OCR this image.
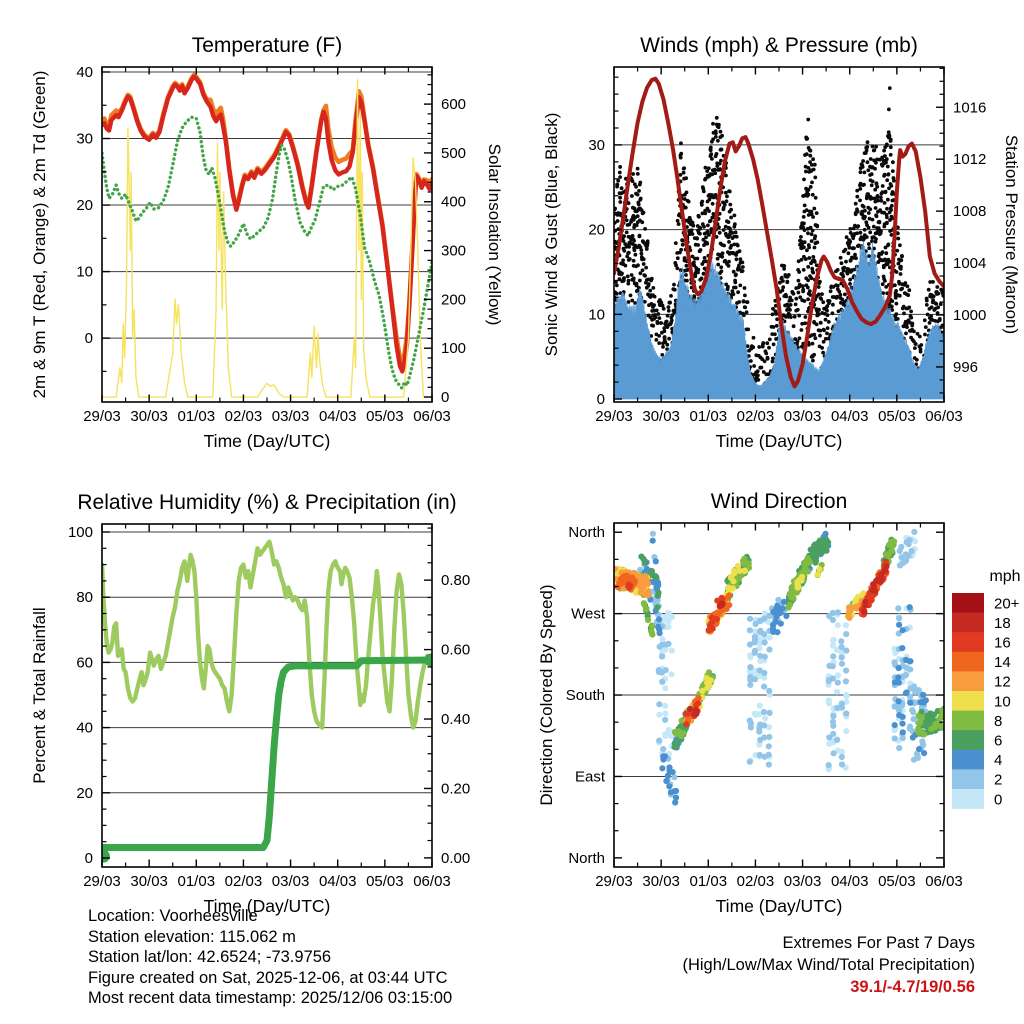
29/03 30/03 01/03 02/03 03/03 04/03 05/03 06/03
0
10
20
30
40
0
100
200
300
400
500
600
Temperature (F)
Time (Day/UTC)
2m & 9m T (Red, Orange) & 2m Td (Green)	Solar Insolation (Yellow)
29/03 30/03 01/03 02/03 03/03 04/03 05/03 06/03
0
10
20
30
996
1000
1004
1008
1012
1016
Winds (mph) & Pressure (mb)
Time (Day/UTC)
Sonic Wind & Gust (Blue, Black)	Station Pressure (Maroon)
29/03 30/03 01/03 02/03 03/03 04/03 05/03 06/03
0
20
40
60
80
100
0.00
0.20
0.40
0.60
0.80
Relative Humidity (%) & Precipitation (in)
Time (Day/UTC)
Percent & Total Rainfall
29/03 30/03 01/03 02/03 03/03 04/03 05/03 06/03
North
West
South
East
North
Wind Direction
Time (Day/UTC)
Direction (Colored By Speed)
mph
20+
18
16
14
12
10
8
6
4
2
0
Location: Voorheesville
Station elevation: 115.062 m
Station lat/lon: 42.6524; -73.9756
Figure created on Sat, 2025-12-06, at 03:44 UTC
Most recent data timestamp: 2025/12/06 03:15:00
Extremes For Past 7 Days
(High/Low/Max Wind/Total Precipitation)
39.1/-4.7/19/0.56
